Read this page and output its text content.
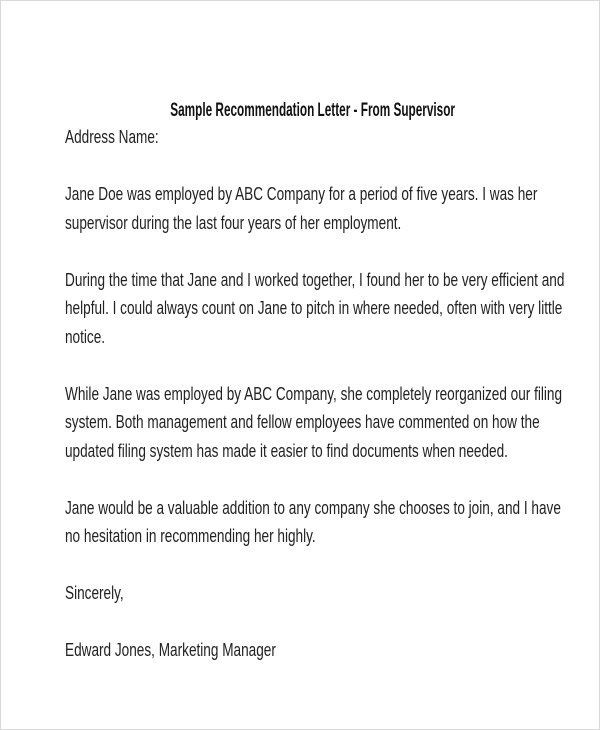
Sample Recommendation Letter - From Supervisor
Address Name:
Jane Doe was employed by ABC Company for a period of five years. I was her
supervisor during the last four years of her employment.
During the time that Jane and I worked together, I found her to be very efficient and
helpful. I could always count on Jane to pitch in where needed, often with very little
notice.
While Jane was employed by ABC Company, she completely reorganized our filing
system. Both management and fellow employees have commented on how the
updated filing system has made it easier to find documents when needed.
Jane would be a valuable addition to any company she chooses to join, and I have
no hesitation in recommending her highly.
Sincerely,
Edward Jones, Marketing Manager
